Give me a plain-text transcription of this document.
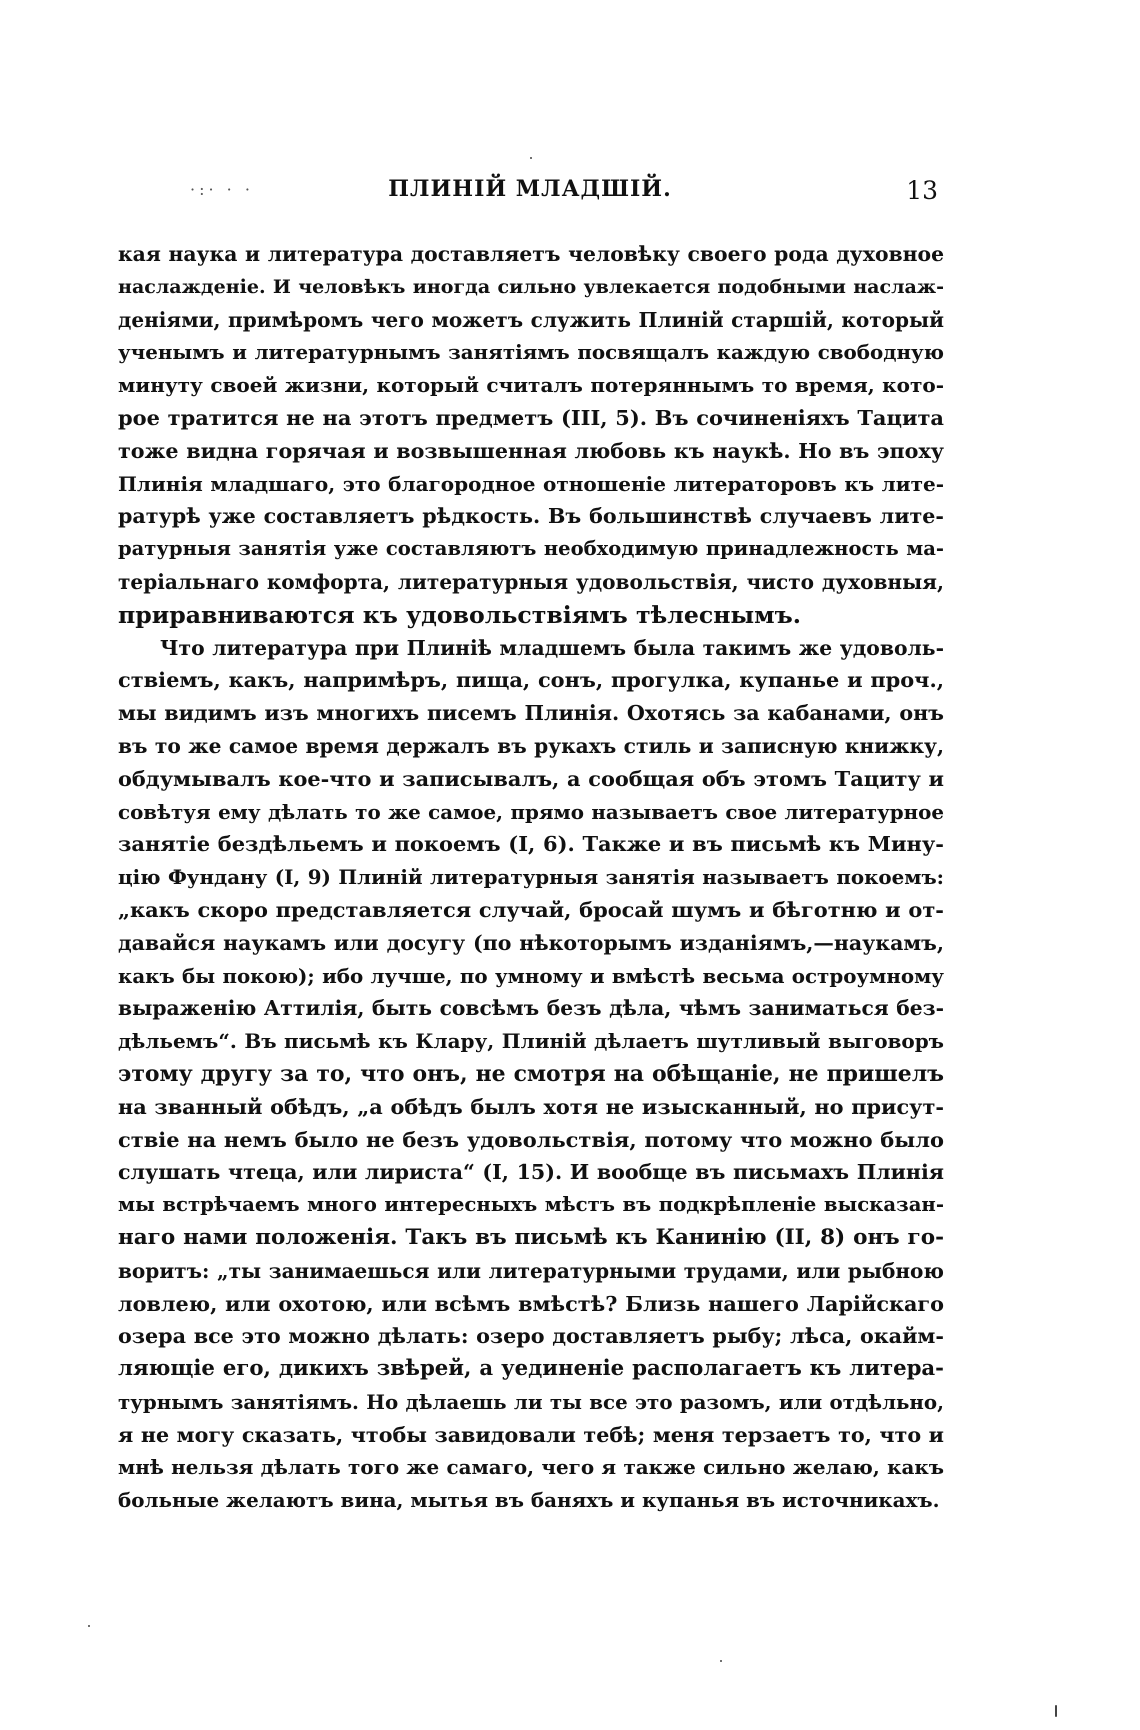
·:· · ·	ПЛИНІЙ МЛАДШІЙ.	13
кая наука и литература доставляетъ человѣку своего рода духовное
наслажденіе. И человѣкъ иногда сильно увлекается подобными наслаж-
деніями, примѣромъ чего можетъ служить Плиній старшій, который
ученымъ и литературнымъ занятіямъ посвящалъ каждую свободную
минуту своей жизни, который считалъ потеряннымъ то время, кото-
рое тратится не на этотъ предметъ (III, 5). Въ сочиненіяхъ Тацита
тоже видна горячая и возвышенная любовь къ наукѣ. Но въ эпоху
Плинія младшаго, это благородное отношеніе литераторовъ къ лите-
ратурѣ уже составляетъ рѣдкость. Въ большинствѣ случаевъ лите-
ратурныя занятія уже составляютъ необходимую принадлежность ма-
теріальнаго комфорта, литературныя удовольствія, чисто духовныя,
приравниваются къ удовольствіямъ тѣлеснымъ.
Что литература при Плиніѣ младшемъ была такимъ же удоволь-
ствіемъ, какъ, напримѣръ, пища, сонъ, прогулка, купанье и проч.,
мы видимъ изъ многихъ писемъ Плинія. Охотясь за кабанами, онъ
въ то же самое время держалъ въ рукахъ стиль и записную книжку,
обдумывалъ кое-что и записывалъ, а сообщая объ этомъ Тациту и
совѣтуя ему дѣлать то же самое, прямо называетъ свое литературное
занятіе бездѣльемъ и покоемъ (I, 6). Также и въ письмѣ къ Мину-
цію Фундану (I, 9) Плиній литературныя занятія называетъ покоемъ:
„какъ скоро представляется случай, бросай шумъ и бѣготню и от-
давайся наукамъ или досугу (по нѣкоторымъ изданіямъ,—наукамъ,
какъ бы покою); ибо лучше, по умному и вмѣстѣ весьма остроумному
выраженію Аттилія, быть совсѣмъ безъ дѣла, чѣмъ заниматься без-
дѣльемъ“. Въ письмѣ къ Клару, Плиній дѣлаетъ шутливый выговоръ
этому другу за то, что онъ, не смотря на обѣщаніе, не пришелъ
на званный обѣдъ, „а обѣдъ былъ хотя не изысканный, но присут-
ствіе на немъ было не безъ удовольствія, потому что можно было
слушать чтеца, или лириста“ (I, 15). И вообще въ письмахъ Плинія
мы встрѣчаемъ много интересныхъ мѣстъ въ подкрѣпленіе высказан-
наго нами положенія. Такъ въ письмѣ къ Канинію (II, 8) онъ го-
воритъ: „ты занимаешься или литературными трудами, или рыбною
ловлею, или охотою, или всѣмъ вмѣстѣ? Близь нашего Ларійскаго
озера все это можно дѣлать: озеро доставляетъ рыбу; лѣса, окайм-
ляющіе его, дикихъ звѣрей, а уединеніе располагаетъ къ литера-
турнымъ занятіямъ. Но дѣлаешь ли ты все это разомъ, или отдѣльно,
я не могу сказать, чтобы завидовали тебѣ; меня терзаетъ то, что и
мнѣ нельзя дѣлать того же самаго, чего я также сильно желаю, какъ
больные желаютъ вина, мытья въ баняхъ и купанья въ источникахъ.
